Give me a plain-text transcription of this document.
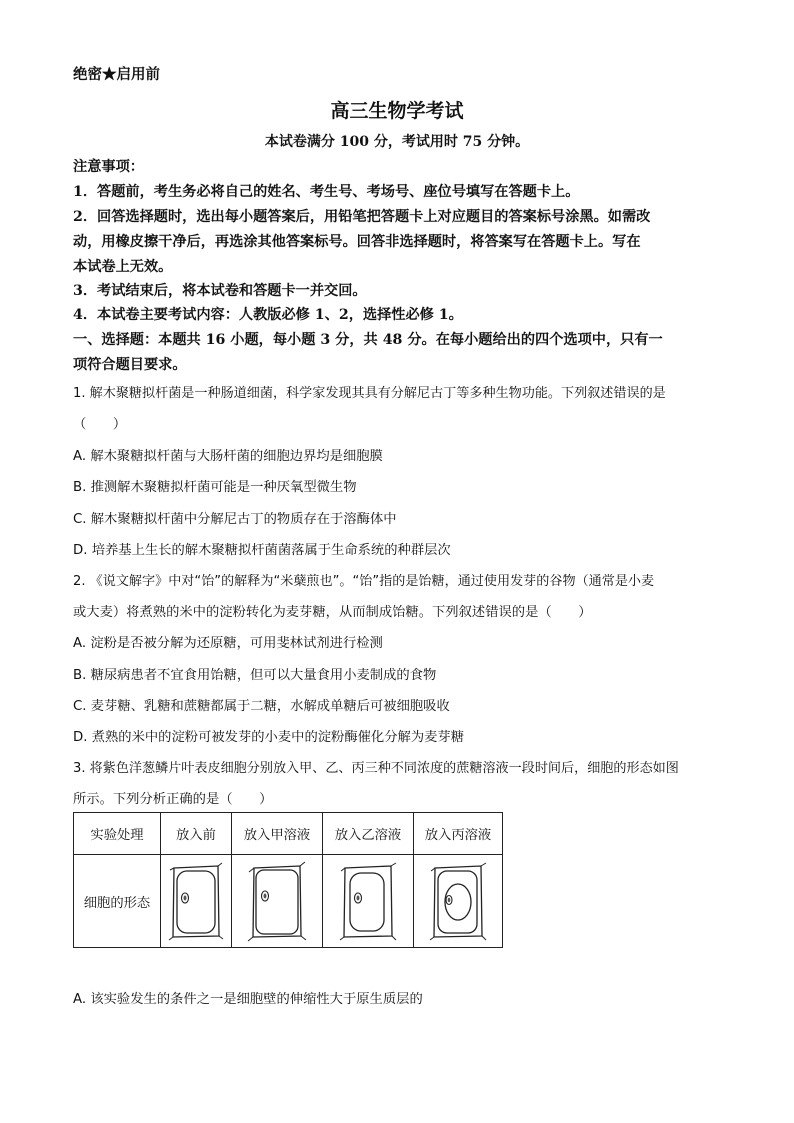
绝密★启用前
高三生物学考试
本试卷满分 100 分，考试用时 75 分钟。
注意事项：
1．答题前，考生务必将自己的姓名、考生号、考场号、座位号填写在答题卡上。
2．回答选择题时，选出每小题答案后，用铅笔把答题卡上对应题目的答案标号涂黑。如需改
动，用橡皮擦干净后，再选涂其他答案标号。回答非选择题时，将答案写在答题卡上。写在
本试卷上无效。
3．考试结束后，将本试卷和答题卡一并交回。
4．本试卷主要考试内容：人教版必修 1、2，选择性必修 1。
一、选择题：本题共 16 小题，每小题 3 分，共 48 分。在每小题给出的四个选项中，只有一
项符合题目要求。
1. 解木聚糖拟杆菌是一种肠道细菌，科学家发现其具有分解尼古丁等多种生物功能。下列叙述错误的是
（　　）
A. 解木聚糖拟杆菌与大肠杆菌的细胞边界均是细胞膜
B. 推测解木聚糖拟杆菌可能是一种厌氧型微生物
C. 解木聚糖拟杆菌中分解尼古丁的物质存在于溶酶体中
D. 培养基上生长的解木聚糖拟杆菌菌落属于生命系统的种群层次
2. 《说文解字》中对“饴”的解释为“米蘖煎也”。“饴”指的是饴糖，通过使用发芽的谷物（通常是小麦
或大麦）将煮熟的米中的淀粉转化为麦芽糖，从而制成饴糖。下列叙述错误的是（　　）
A. 淀粉是否被分解为还原糖，可用斐林试剂进行检测
B. 糖尿病患者不宜食用饴糖，但可以大量食用小麦制成的食物
C. 麦芽糖、乳糖和蔗糖都属于二糖，水解成单糖后可被细胞吸收
D. 煮熟的米中的淀粉可被发芽的小麦中的淀粉酶催化分解为麦芽糖
3. 将紫色洋葱鳞片叶表皮细胞分别放入甲、乙、丙三种不同浓度的蔗糖溶液一段时间后，细胞的形态如图
所示。下列分析正确的是（　　）
实验处理	放入前	放入甲溶液	放入乙溶液	放入丙溶液
细胞的形态	

A. 该实验发生的条件之一是细胞壁的伸缩性大于原生质层的
